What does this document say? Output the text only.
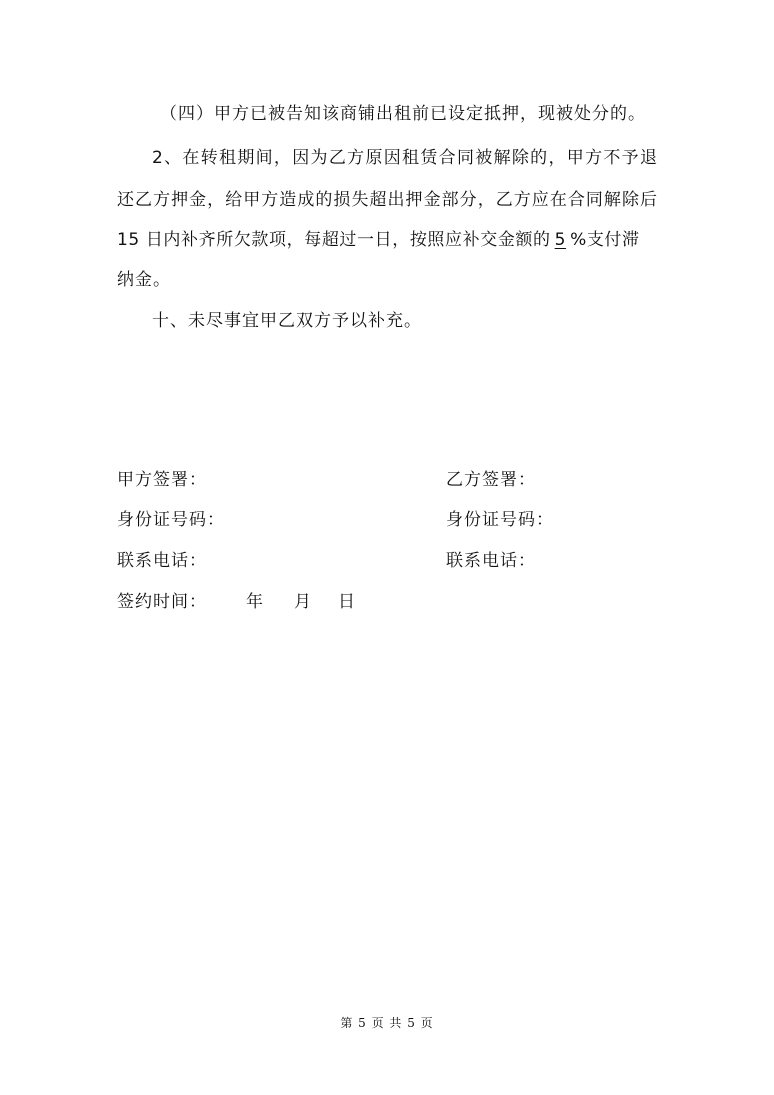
（四）甲方已被告知该商铺出租前已设定抵押，现被处分的。
2、在转租期间，因为乙方原因租赁合同被解除的，甲方不予退
还乙方押金，给甲方造成的损失超出押金部分，乙方应在合同解除后
15 日内补齐所欠款项，每超过一日，按照应补交金额的 5 %支付滞
纳金。
十、未尽事宜甲乙双方予以补充。
甲方签署：	乙方签署：
身份证号码：	身份证号码：
联系电话：	联系电话：
签约时间： 年 月 日
第 5 页 共 5 页
